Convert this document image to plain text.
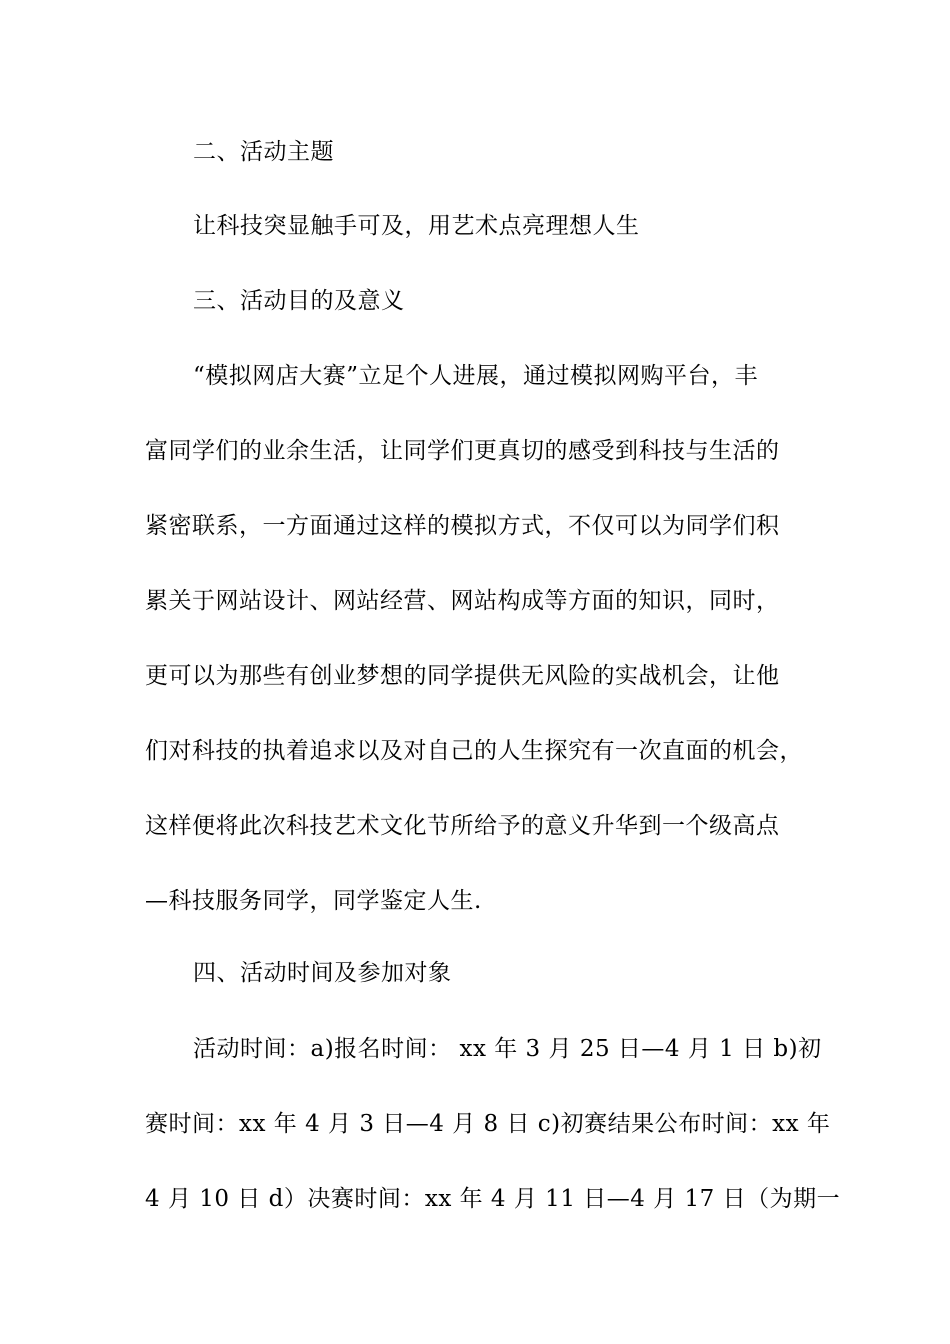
二、活动主题
让科技突显触手可及，用艺术点亮理想人生
三、活动目的及意义
“模拟网店大赛”立足个人进展，通过模拟网购平台，丰
富同学们的业余生活，让同学们更真切的感受到科技与生活的
紧密联系，一方面通过这样的模拟方式，不仅可以为同学们积
累关于网站设计、网站经营、网站构成等方面的知识，同时，
更可以为那些有创业梦想的同学提供无风险的实战机会，让他
们对科技的执着追求以及对自己的人生探究有一次直面的机会，
这样便将此次科技艺术文化节所给予的意义升华到一个级高点
—科技服务同学，同学鉴定人生.
四、活动时间及参加对象
活动时间：a)报名时间： xx 年 3 月 25 日—4 月 1 日 b)初
赛时间：xx 年 4 月 3 日—4 月 8 日 c)初赛结果公布时间：xx 年
4 月 10 日 d）决赛时间：xx 年 4 月 11 日—4 月 17 日（为期一
